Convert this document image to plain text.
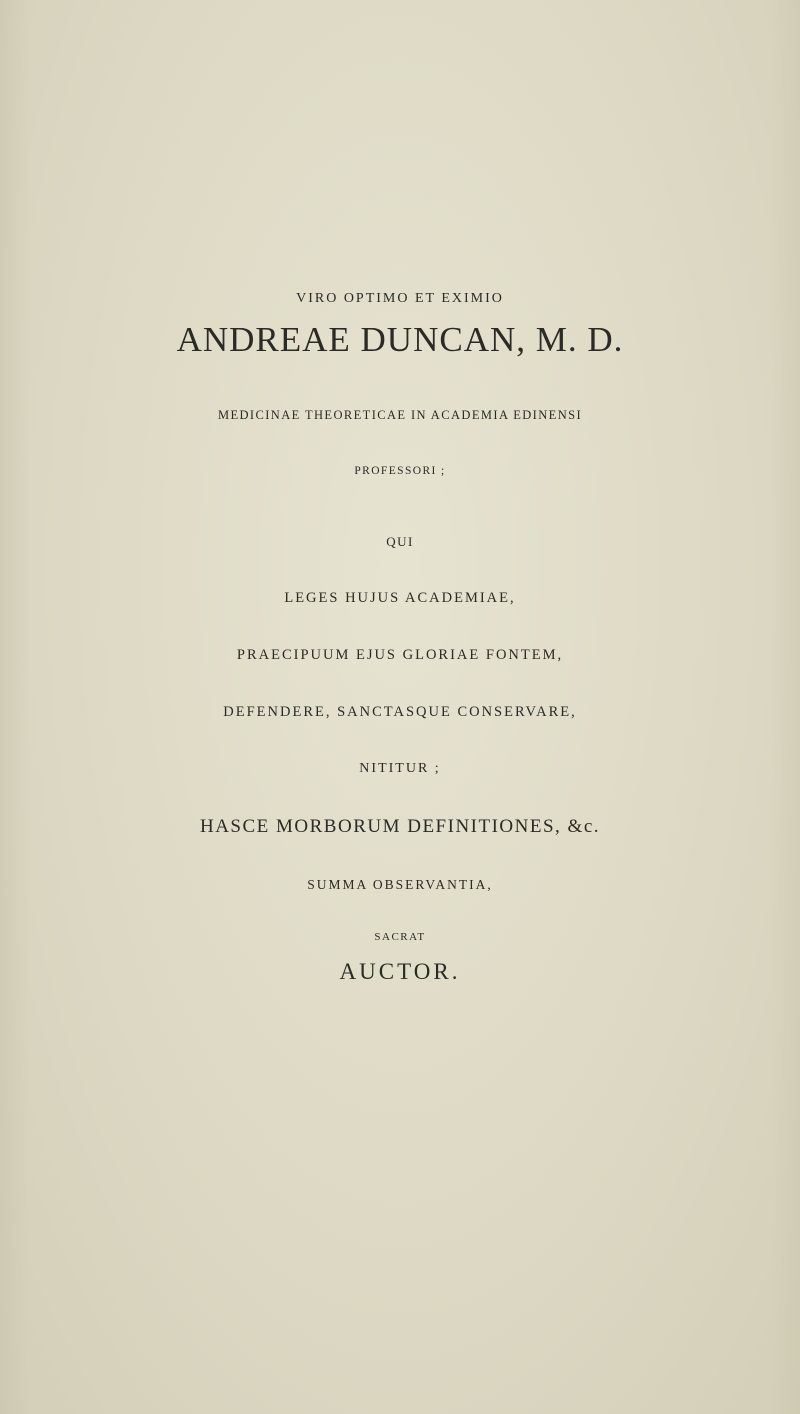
VIRO OPTIMO ET EXIMIO

ANDREAE DUNCAN, M. D.

MEDICINAE THEORETICAE IN ACADEMIA EDINENSI

PROFESSORI ;

QUI

LEGES HUJUS ACADEMIAE,

PRAECIPUUM EJUS GLORIAE FONTEM,

DEFENDERE, SANCTASQUE CONSERVARE,

NITITUR ;

HASCE MORBORUM DEFINITIONES, &c.

SUMMA OBSERVANTIA,

SACRAT

AUCTOR.
